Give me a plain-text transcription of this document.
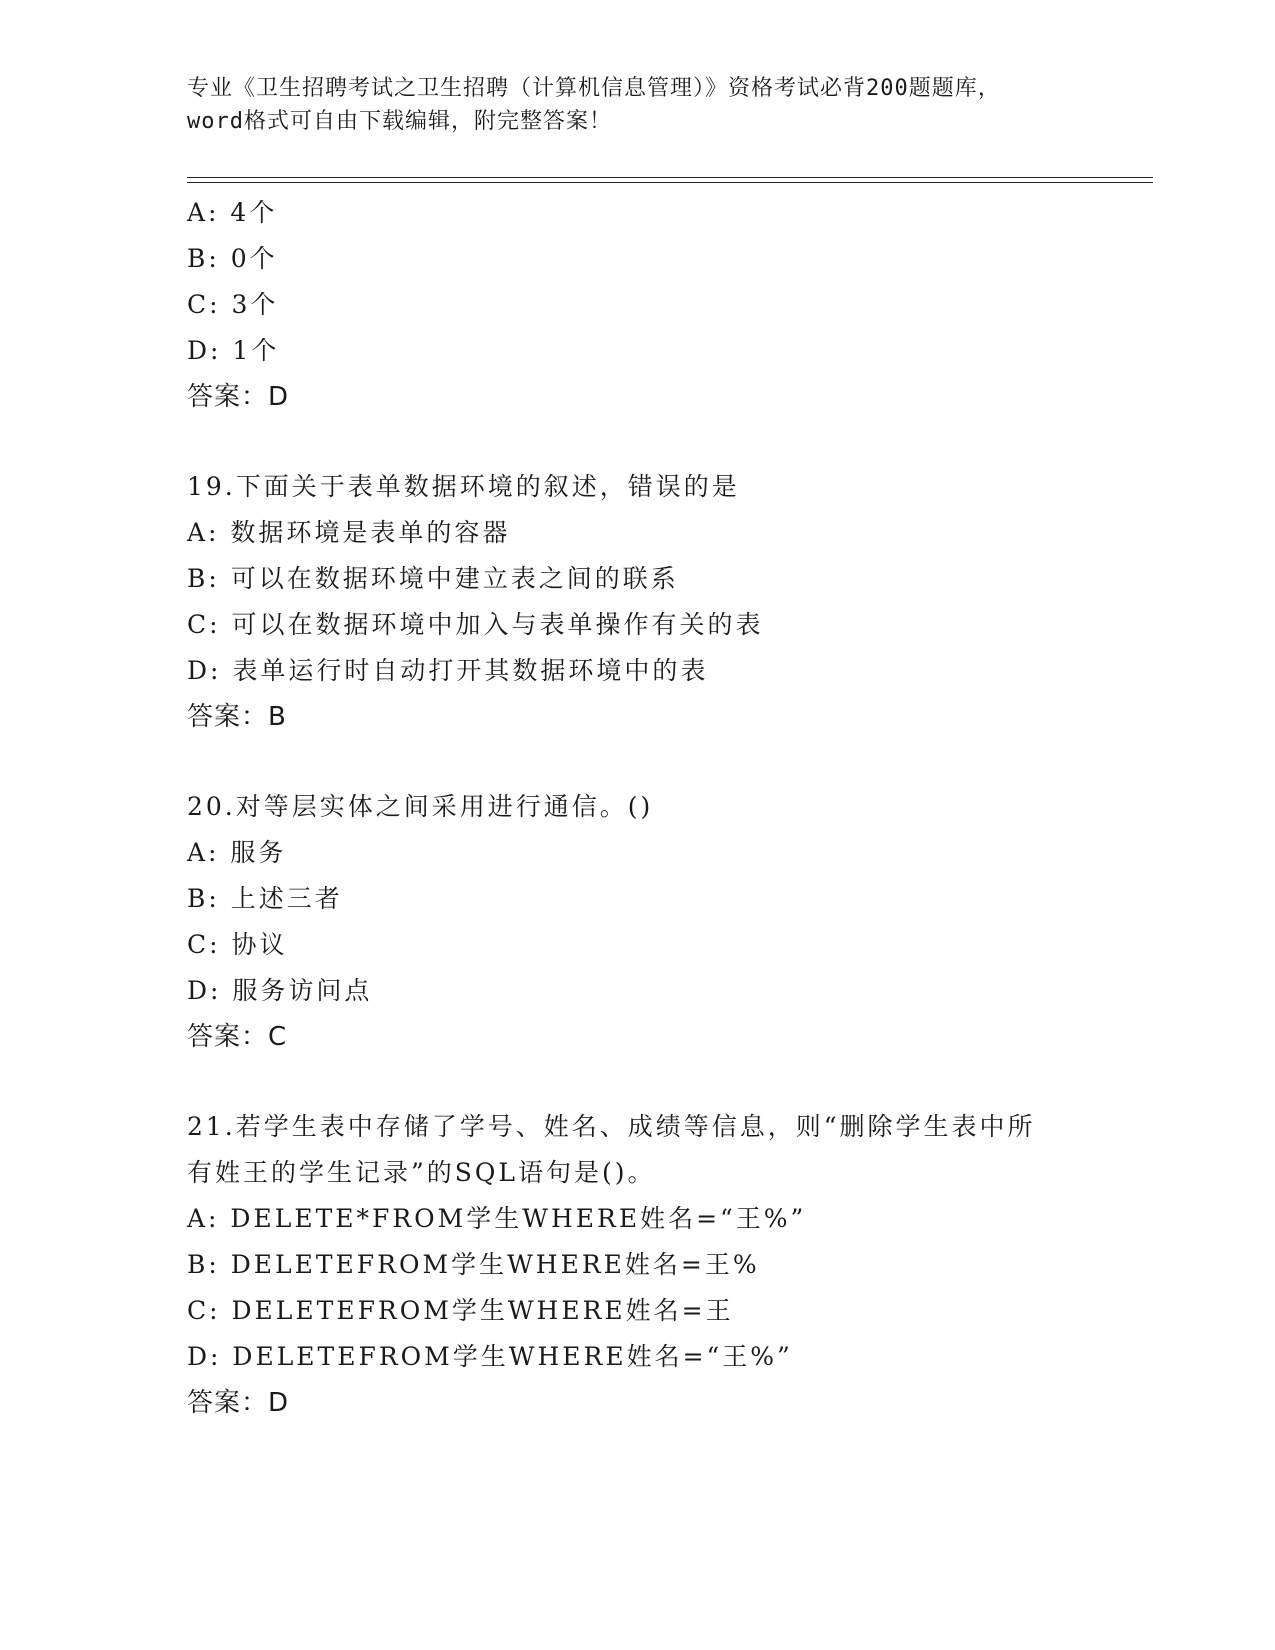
专业《卫生招聘考试之卫生招聘（计算机信息管理）》资格考试必背200题题库，
word格式可自由下载编辑，附完整答案！
A: 4个
B: 0个
C: 3个
D: 1个
答案：D
19.下面关于表单数据环境的叙述，错误的是
A: 数据环境是表单的容器
B: 可以在数据环境中建立表之间的联系
C: 可以在数据环境中加入与表单操作有关的表
D: 表单运行时自动打开其数据环境中的表
答案：B
20.对等层实体之间采用进行通信。()
A: 服务
B: 上述三者
C: 协议
D: 服务访问点
答案：C
21.若学生表中存储了学号、姓名、成绩等信息，则“删除学生表中所
有姓王的学生记录”的SQL语句是()。
A: DELETE*FROM学生WHERE姓名=“王%”
B: DELETEFROM学生WHERE姓名=王%
C: DELETEFROM学生WHERE姓名=王
D: DELETEFROM学生WHERE姓名=“王%”
答案：D
